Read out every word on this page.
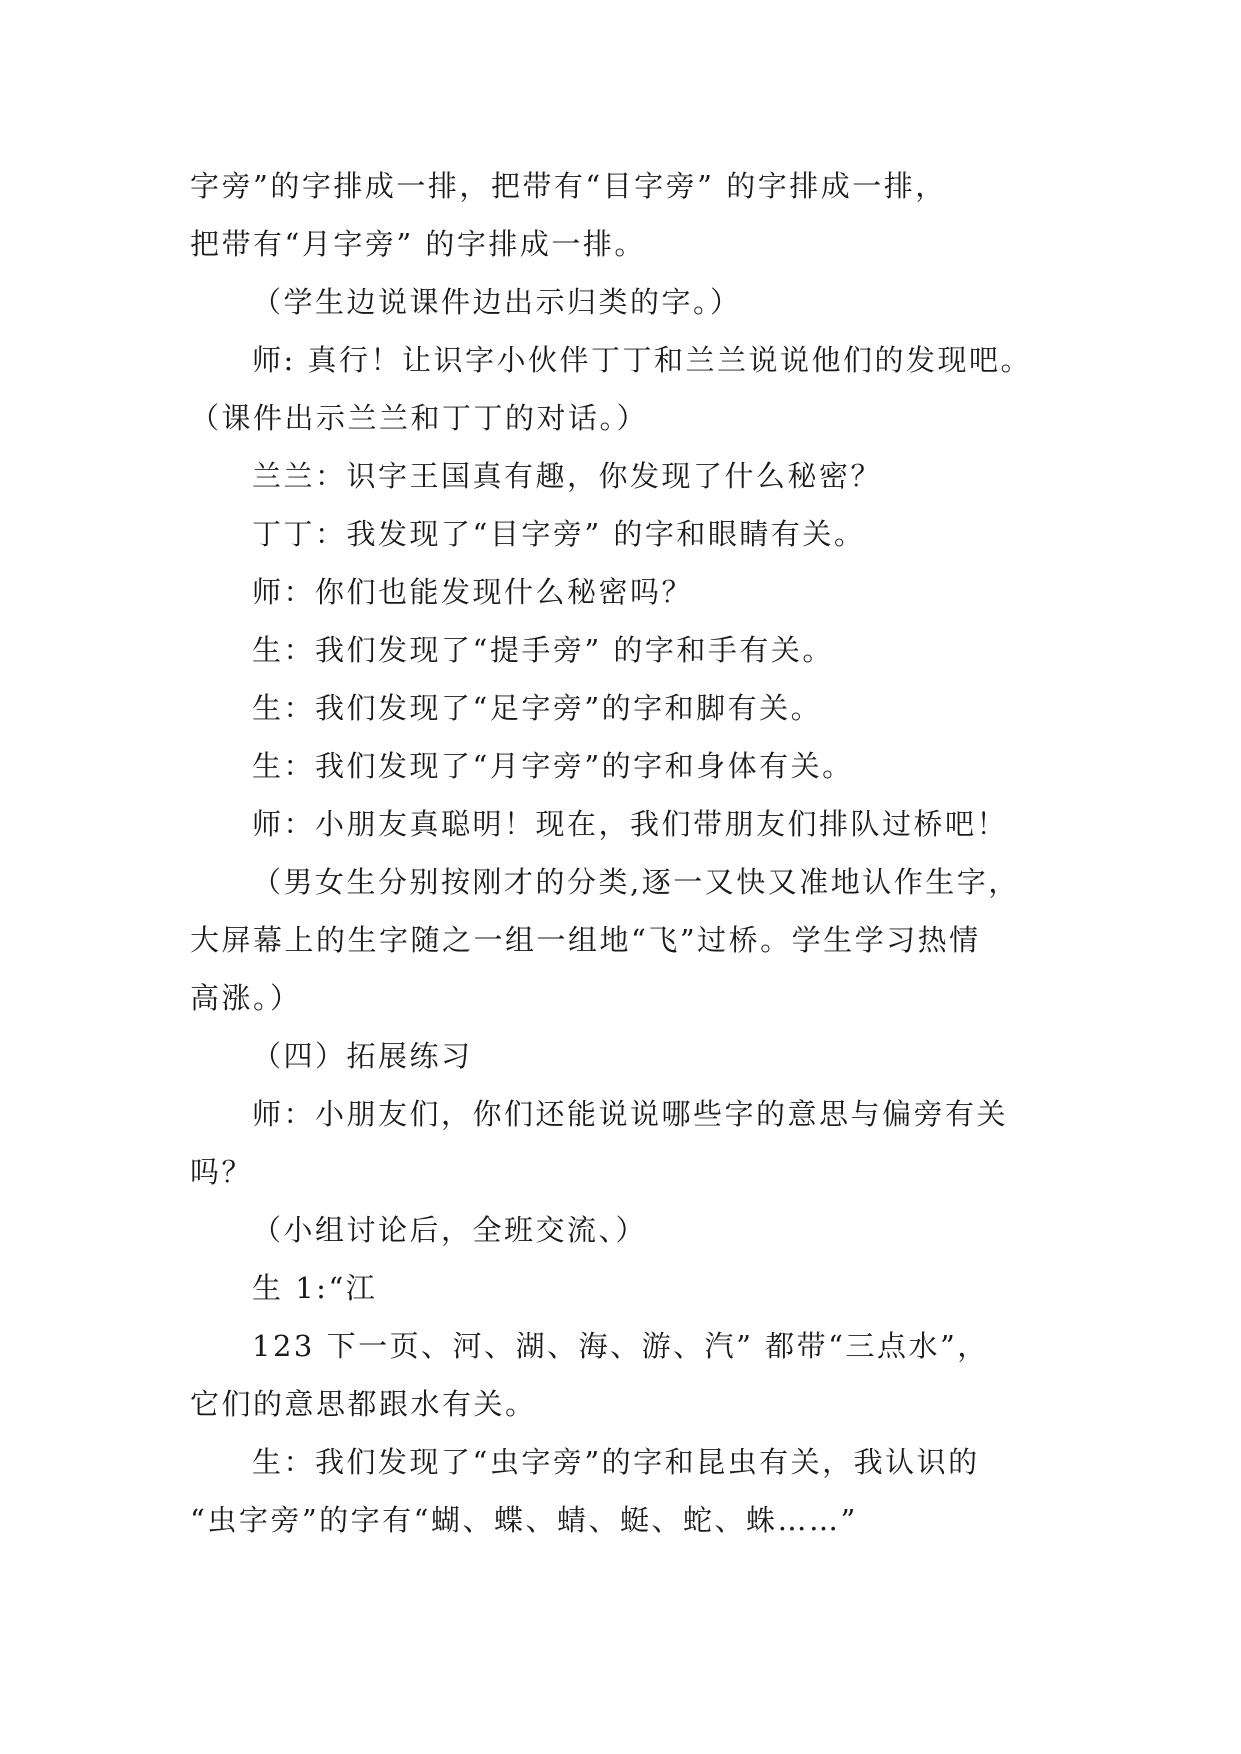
字旁”的字排成一排，把带有“目字旁” 的字排成一排，

把带有“月字旁” 的字排成一排。

（学生边说课件边出示归类的字。）

师: 真行！让识字小伙伴丁丁和兰兰说说他们的发现吧。

（课件出示兰兰和丁丁的对话。）

兰兰：识字王国真有趣，你发现了什么秘密？

丁丁：我发现了“目字旁” 的字和眼睛有关。

师：你们也能发现什么秘密吗？

生：我们发现了“提手旁” 的字和手有关。

生：我们发现了“足字旁”的字和脚有关。

生：我们发现了“月字旁”的字和身体有关。

师：小朋友真聪明！现在，我们带朋友们排队过桥吧！

（男女生分别按刚才的分类,逐一又快又准地认作生字，

大屏幕上的生字随之一组一组地“飞”过桥。学生学习热情

高涨。）

（四）拓展练习

师：小朋友们，你们还能说说哪些字的意思与偏旁有关

吗？

（小组讨论后，全班交流、）

生 1:“江

123 下一页、河、湖、海、游、汽” 都带“三点水”，

它们的意思都跟水有关。

生：我们发现了“虫字旁”的字和昆虫有关，我认识的

“虫字旁”的字有“蝴、蝶、蜻、蜓、蛇、蛛……”
